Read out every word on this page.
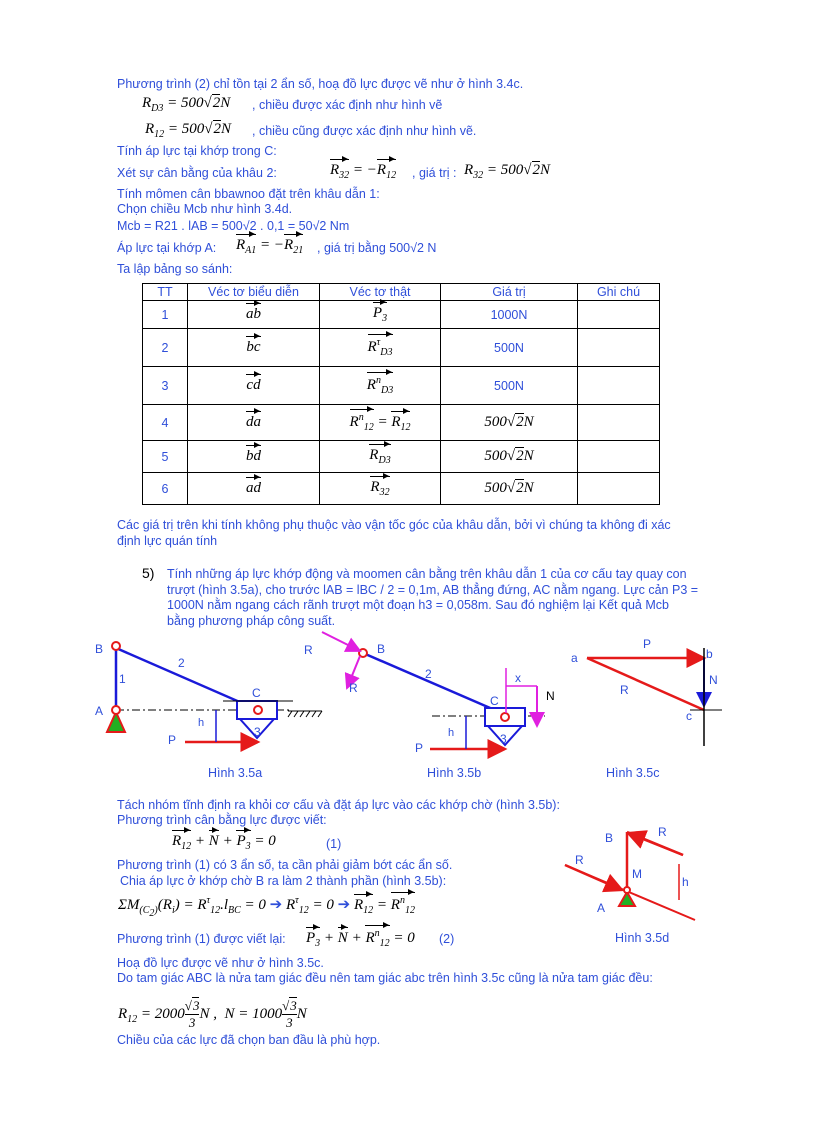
Phương trình (2) chỉ tồn tại 2 ẩn số, hoạ đồ lực được vẽ như ở hình 3.4c.
$R_{D3} = 500√2N$ , chiều được xác định như hình vẽ
$R_{12} = 500√2N$ , chiều cũng được xác định như hình vẽ.
Tính áp lực tại khớp trong C:
Xét sự cân bằng của khâu 2:	$R_{32} = -R_{12}$ , giá trị : $R_{32} = 500√2N$
Tính mômen cân bbawnoo đặt trên khâu dẫn 1:
Chọn chiều Mcb như hình 3.4d.
Mcb = R21 . lAB = 500√2 . 0,1 = 50√2 Nm
Áp lực tại khớp A: $R_{A1} = -R_{21}$ , giá trị bằng 500√2 N
Ta lập bảng so sánh:
TT	Véc tơ biểu diễn	Véc tơ thật	Giá trị	Ghi chú
1	ab	$P_3$	1000N	
2	bc	$R^\tau_{D3}$	500N	
3	cd	$R^n_{D3}$	500N	
4	da	$R^n_{12} = R_{12}$	500√2N	
5	bd	$R_{D3}$	500√2N	
6	ad	$R_{32}$	500√2N	
Các giá trị trên khi tính không phụ thuộc vào vận tốc góc của khâu dẫn, bởi vì chúng ta không đi xác
định lực quán tính
5) Tính những áp lực khớp động và moomen cân bằng trên khâu dẫn 1 của cơ cấu tay quay con
trượt (hình 3.5a), cho trước lAB = lBC / 2 = 0,1m, AB thẳng đứng, AC nằm ngang. Lực cản P3 =
1000N nằm ngang cách rãnh trượt một đoạn h3 = 0,058m. Sau đó nghiệm lại Kết quả Mcb
bằng phương pháp công suất.
B
A
1
2
C
3
h
P
B
2
C
3
x
N
R
R
h
P
a	b
N
c
P
R
Hình 3.5a	Hình 3.5b	Hình 3.5c
Tách nhóm tĩnh định ra khỏi cơ cấu và đặt áp lực vào các khớp chờ (hình 3.5b):
Phương trình cân bằng lực được viết:
$R_{12} + N + P_3 = 0$	(1)
Phương trình (1) có 3 ẩn số, ta cần phải giảm bớt các ẩn số.
Chia áp lực ở khớp chờ B ra làm 2 thành phần (hình 3.5b):
$\Sigma M_{(C_2)}(R_i) = R^\tau_{12}.l_{BC} = 0$ ➔ $R^\tau_{12} = 0$ ➔ $R_{12} = R^n_{12}$
Phương trình (1) được viết lại: $P_3 + N + R^n_{12} = 0$ (2)
Hoạ đồ lực được vẽ như ở hình 3.5c.
Do tam giác ABC là nửa tam giác đều nên tam giác abc trên hình 3.5c cũng là nửa tam giác đều:
$R_{12} = 2000 \frac{√3}{3}$ N ,  $N = 1000 \frac{√3}{3}$ N
Chiều của các lực đã chọn ban đầu là phù hợp.
B	R
R
M
h
A
Hình 3.5d
